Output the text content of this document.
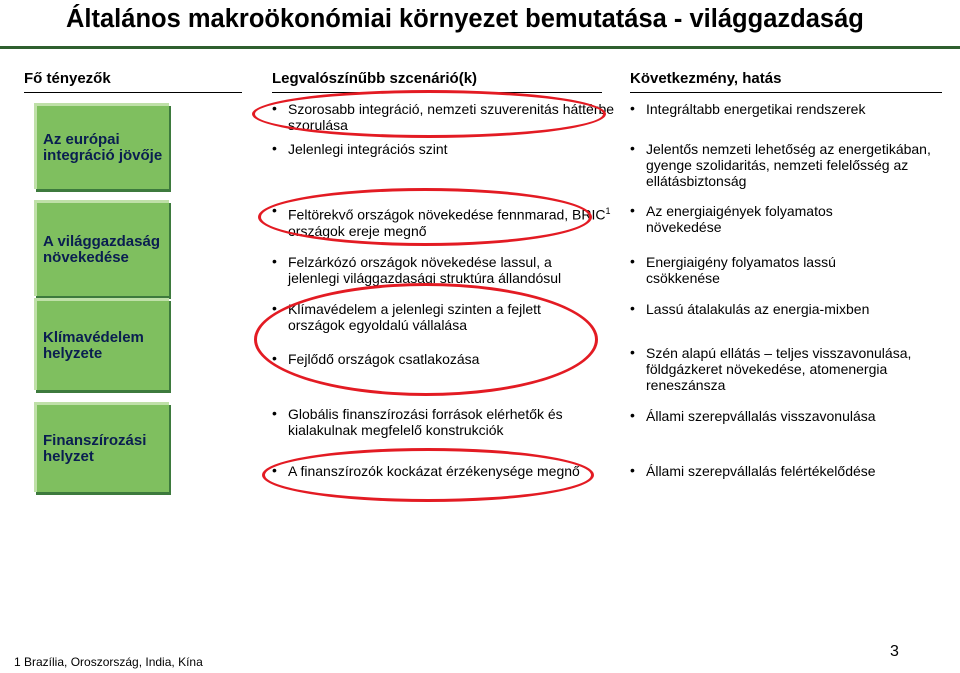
Általános makroökonómiai környezet bemutatása - világgazdaság
Fő tényezők	Legvalószínűbb szcenárió(k)	Következmény, hatás
Az európai integráció jövője
A világgazdaság növekedése
Klímavédelem helyzete
Finanszírozási helyzet
• Szorosabb integráció, nemzeti szuverenitás háttérbe szorulása
• Jelenlegi integrációs szint
• Feltörekvő országok növekedése fennmarad, BRIC$^1$ országok ereje megnő
• Felzárkózó országok növekedése lassul, a jelenlegi világgazdasági struktúra állandósul
• Klímavédelem a jelenlegi szinten a fejlett országok egyoldalú vállalása
• Fejlődő országok csatlakozása
• Globális finanszírozási források elérhetők és kialakulnak megfelelő konstrukciók
• A finanszírozók kockázat érzékenysége megnő
• Integráltabb energetikai rendszerek
• Jelentős nemzeti lehetőség az energetikában, gyenge szolidaritás, nemzeti felelősség az ellátásbiztonság
• Az energiaigények folyamatos növekedése
• Energiaigény folyamatos lassú csökkenése
• Lassú átalakulás az energia-mixben
• Szén alapú ellátás – teljes visszavonulása, földgázkeret növekedése, atomenergia reneszánsza
• Állami szerepvállalás visszavonulása
• Állami szerepvállalás felértékelődése
1 Brazília, Oroszország, India, Kína
3
